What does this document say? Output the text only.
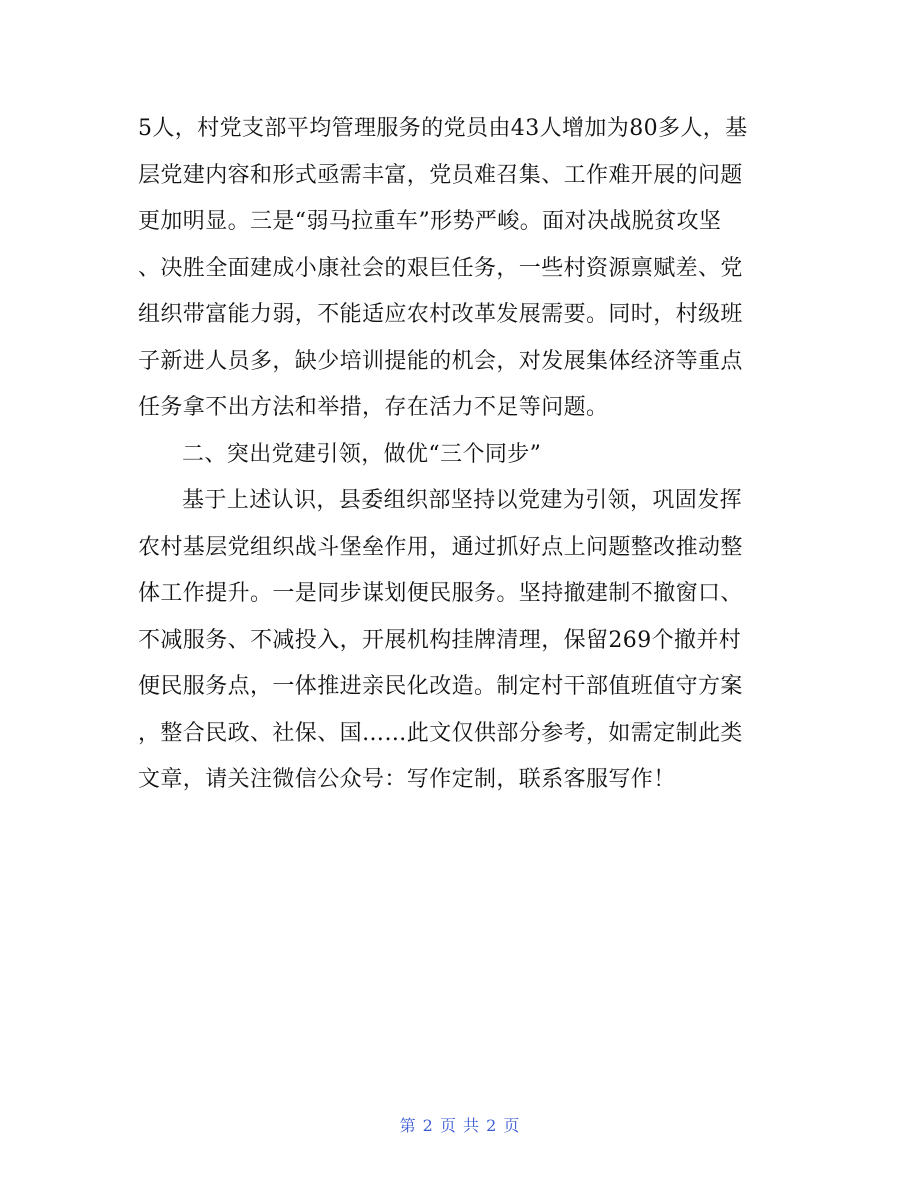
5人，村党支部平均管理服务的党员由43人增加为80多人，基
层党建内容和形式亟需丰富，党员难召集、工作难开展的问题
更加明显。三是“弱马拉重车”形势严峻。面对决战脱贫攻坚
、决胜全面建成小康社会的艰巨任务，一些村资源禀赋差、党
组织带富能力弱，不能适应农村改革发展需要。同时，村级班
子新进人员多，缺少培训提能的机会，对发展集体经济等重点
任务拿不出方法和举措，存在活力不足等问题。
二、突出党建引领，做优“三个同步”
基于上述认识，县委组织部坚持以党建为引领，巩固发挥
农村基层党组织战斗堡垒作用，通过抓好点上问题整改推动整
体工作提升。一是同步谋划便民服务。坚持撤建制不撤窗口、
不减服务、不减投入，开展机构挂牌清理，保留269个撤并村
便民服务点，一体推进亲民化改造。制定村干部值班值守方案
，整合民政、社保、国……此文仅供部分参考，如需定制此类
文章，请关注微信公众号：写作定制，联系客服写作！
第 2 页 共 2 页
